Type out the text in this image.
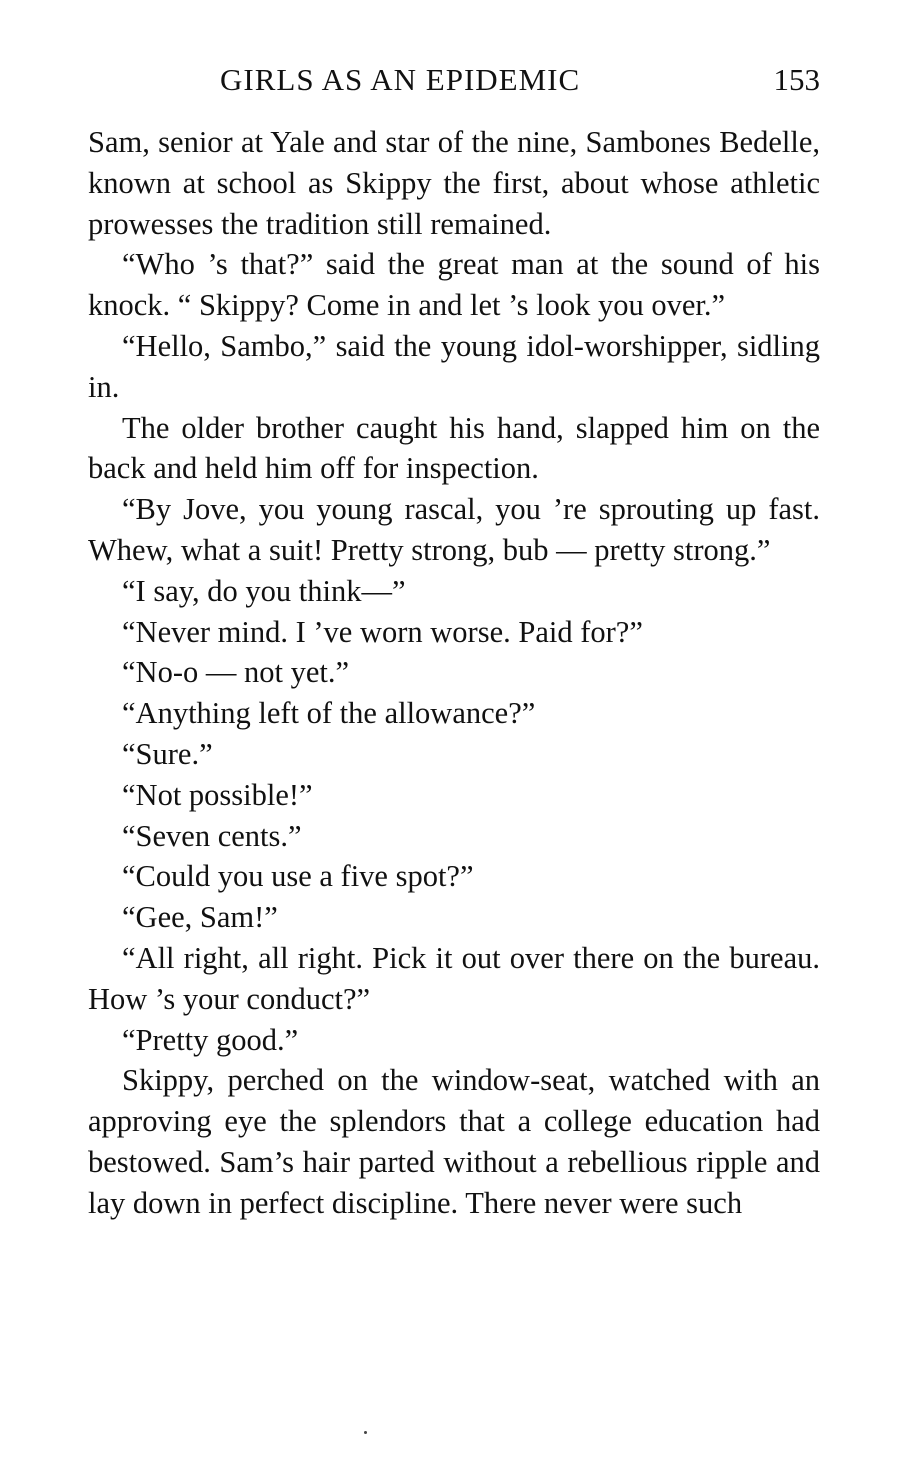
GIRLS AS AN EPIDEMIC	153

Sam, senior at Yale and star of the nine, Sambones Bedelle, known at school as Skippy the first, about whose athletic prowesses the tradition still remained.

“Who ’s that?” said the great man at the sound of his knock. “ Skippy? Come in and let ’s look you over.”

“Hello, Sambo,” said the young idol-worshipper, sidling in.

The older brother caught his hand, slapped him on the back and held him off for inspection.

“By Jove, you young rascal, you ’re sprouting up fast. Whew, what a suit! Pretty strong, bub — pretty strong.”

“I say, do you think—”

“Never mind. I ’ve worn worse. Paid for?”

“No-o — not yet.”

“Anything left of the allowance?”

“Sure.”

“Not possible!”

“Seven cents.”

“Could you use a five spot?”

“Gee, Sam!”

“All right, all right. Pick it out over there on the bureau. How ’s your conduct?”

“Pretty good.”

Skippy, perched on the window-seat, watched with an approving eye the splendors that a college education had bestowed. Sam’s hair parted without a rebellious ripple and lay down in perfect discipline. There never were such
